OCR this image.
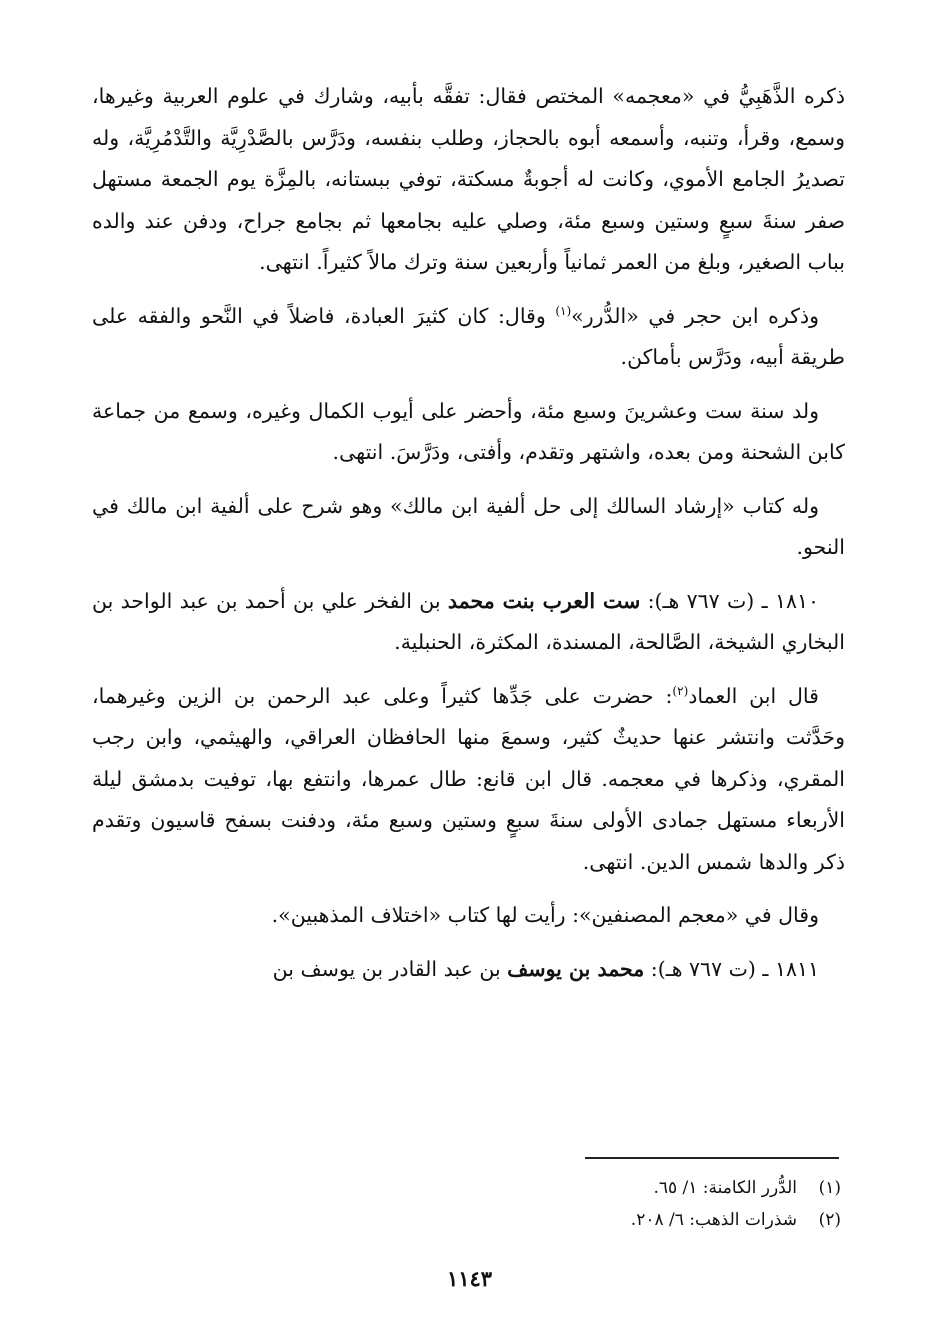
ذكره الذَّهَبِيُّ في «معجمه» المختص فقال: تفقَّه بأبيه، وشارك في علوم العربية وغيرها، وسمع، وقرأ، وتنبه، وأسمعه أبوه بالحجاز، وطلب بنفسه، ودَرَّس بالصَّدْرِيَّة والتَّدْمُرِيَّة، وله تصديرُ الجامع الأموي، وكانت له أجوبةٌ مسكتة، توفي ببستانه، بالمِزَّة يوم الجمعة مستهل صفر سنةَ سبعٍ وستين وسبع مئة، وصلي عليه بجامعها ثم بجامع جراح، ودفن عند والده بباب الصغير، وبلغ من العمر ثمانياً وأربعين سنة وترك مالاً كثيراً. انتهى.

وذكره ابن حجر في «الدُّرر»$^{(١)}$ وقال: كان كثيرَ العبادة، فاضلاً في النَّحو والفقه على طريقة أبيه، ودَرَّس بأماكن.

ولد سنة ست وعشرينَ وسبع مئة، وأحضر على أيوب الكمال وغيره، وسمع من جماعة كابن الشحنة ومن بعده، واشتهر وتقدم، وأفتى، ودَرَّسَ. انتهى.

وله كتاب «إرشاد السالك إلى حل ألفية ابن مالك» وهو شرح على ألفية ابن مالك في النحو.

١٨١٠ ـ (ت ٧٦٧ هـ): ست العرب بنت محمد بن الفخر علي بن أحمد بن عبد الواحد بن البخاري الشيخة، الصَّالحة، المسندة، المكثرة، الحنبلية.

قال ابن العماد$^{(٢)}$: حضرت على جَدِّها كثيراً وعلى عبد الرحمن بن الزين وغيرهما، وحَدَّثت وانتشر عنها حديثٌ كثير، وسمعَ منها الحافظان العراقي، والهيثمي، وابن رجب المقري، وذكرها في معجمه. قال ابن قانع: طال عمرها، وانتفع بها، توفيت بدمشق ليلة الأربعاء مستهل جمادى الأولى سنةَ سبعٍ وستين وسبع مئة، ودفنت بسفح قاسيون وتقدم ذكر والدها شمس الدين. انتهى.

وقال في «معجم المصنفين»: رأيت لها كتاب «اختلاف المذهبين».

١٨١١ ـ (ت ٧٦٧ هـ): محمد بن يوسف بن عبد القادر بن يوسف بن

(١)
الدُّرر الكامنة: ١/ ٦٥.
(٢)
شذرات الذهب: ٦/ ٢٠٨.
١١٤٣
